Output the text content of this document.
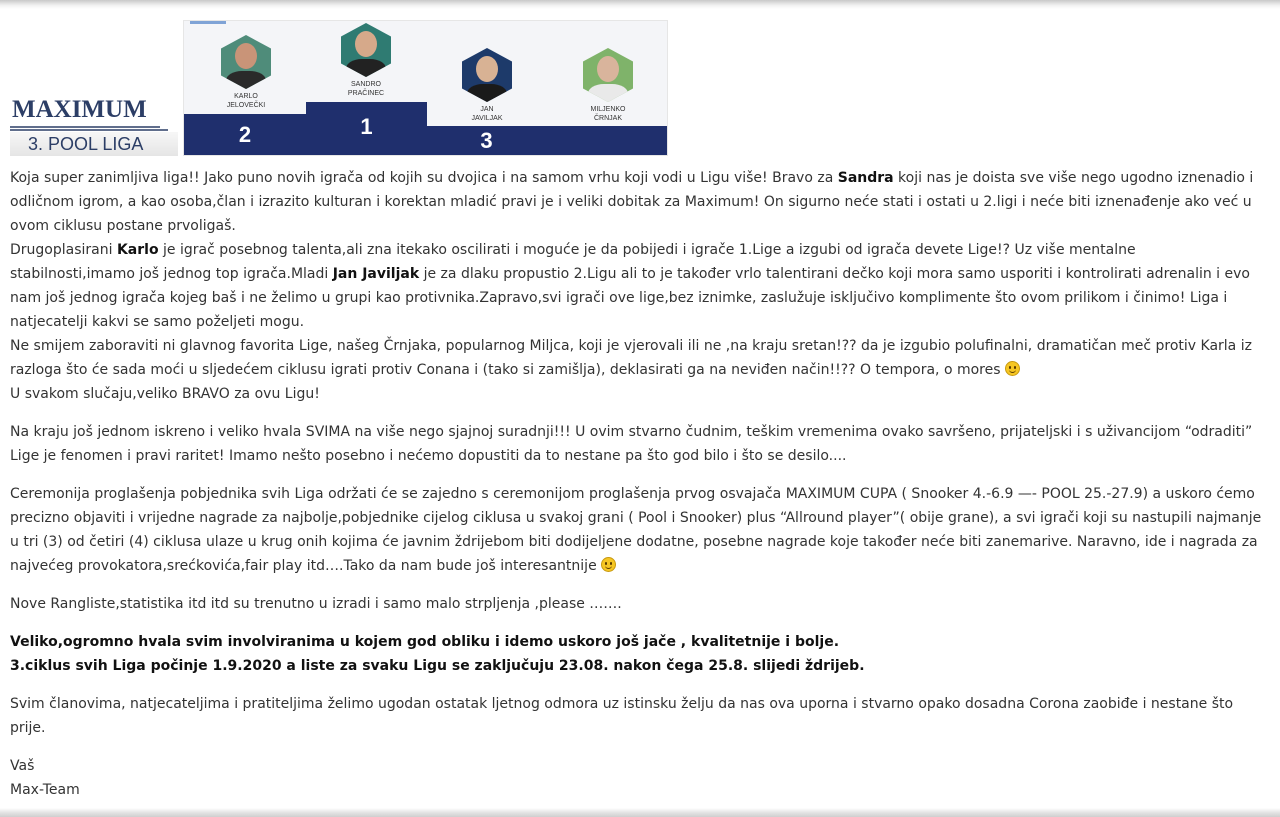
MAXIMUM
3. POOL LIGA
KARLO
JELOVEČKI
SANDRO
PRAČINEC
JAN
JAVILJAK
MILJENKO
ČRNJAK
2	1
3

Koja super zanimljiva liga!! Jako puno novih igrača od kojih su dvojica i na samom vrhu koji vodi u Ligu više! Bravo za Sandra koji nas je doista sve više nego ugodno iznenadio i odličnom igrom, a kao osoba,član i izrazito kulturan i korektan mladić pravi je i veliki dobitak za Maximum! On sigurno neće stati i ostati u 2.ligi i neće biti iznenađenje ako već u ovom ciklusu postane prvoligaš.
Drugoplasirani Karlo je igrač posebnog talenta,ali zna itekako oscilirati i moguće je da pobijedi i igrače 1.Lige a izgubi od igrača devete Lige!? Uz više mentalne stabilnosti,imamo još jednog top igrača.Mladi Jan Javiljak je za dlaku propustio 2.Ligu ali to je također vrlo talentirani dečko koji mora samo usporiti i kontrolirati adrenalin i evo nam još jednog igrača kojeg baš i ne želimo u grupi kao protivnika.Zapravo,svi igrači ove lige,bez iznimke, zaslužuje isključivo komplimente što ovom prilikom i činimo! Liga i natjecatelji kakvi se samo poželjeti mogu.
Ne smijem zaboraviti ni glavnog favorita Lige, našeg Črnjaka, popularnog Miljca, koji je vjerovali ili ne ,na kraju sretan!?? da je izgubio polufinalni, dramatičan meč protiv Karla iz razloga što će sada moći u sljedećem ciklusu igrati protiv Conana i (tako si zamišlja), deklasirati ga na neviđen način!!?? O tempora, o mores
U svakom slučaju,veliko BRAVO za ovu Ligu!

Na kraju još jednom iskreno i veliko hvala SVIMA na više nego sjajnoj suradnji!!! U ovim stvarno čudnim, teškim vremenima ovako savršeno, prijateljski i s uživancijom “odraditi” Lige je fenomen i pravi raritet! Imamo nešto posebno i nećemo dopustiti da to nestane pa što god bilo i što se desilo....

Ceremonija proglašenja pobjednika svih Liga održati će se zajedno s ceremonijom proglašenja prvog osvajača MAXIMUM CUPA ( Snooker 4.-6.9 —- POOL 25.-27.9) a uskoro ćemo precizno objaviti i vrijedne nagrade za najbolje,pobjednike cijelog ciklusa u svakoj grani ( Pool i Snooker) plus “Allround player”( obije grane), a svi igrači koji su nastupili najmanje u tri (3) od četiri (4) ciklusa ulaze u krug onih kojima će javnim ždrijebom biti dodijeljene dodatne, posebne nagrade koje također neće biti zanemarive. Naravno, ide i nagrada za najvećeg provokatora,srećkovića,fair play itd….Tako da nam bude još interesantnije

Nove Rangliste,statistika itd itd su trenutno u izradi i samo malo strpljenja ,please …….

Veliko,ogromno hvala svim involviranima u kojem god obliku i idemo uskoro još jače , kvalitetnije i bolje.
3.ciklus svih Liga počinje 1.9.2020 a liste za svaku Ligu se zaključuju 23.08. nakon čega 25.8. slijedi ždrijeb.

Svim članovima, natjecateljima i pratiteljima želimo ugodan ostatak ljetnog odmora uz istinsku želju da nas ova uporna i stvarno opako dosadna Corona zaobiđe i nestane što prije.

Vaš
Max-Team
